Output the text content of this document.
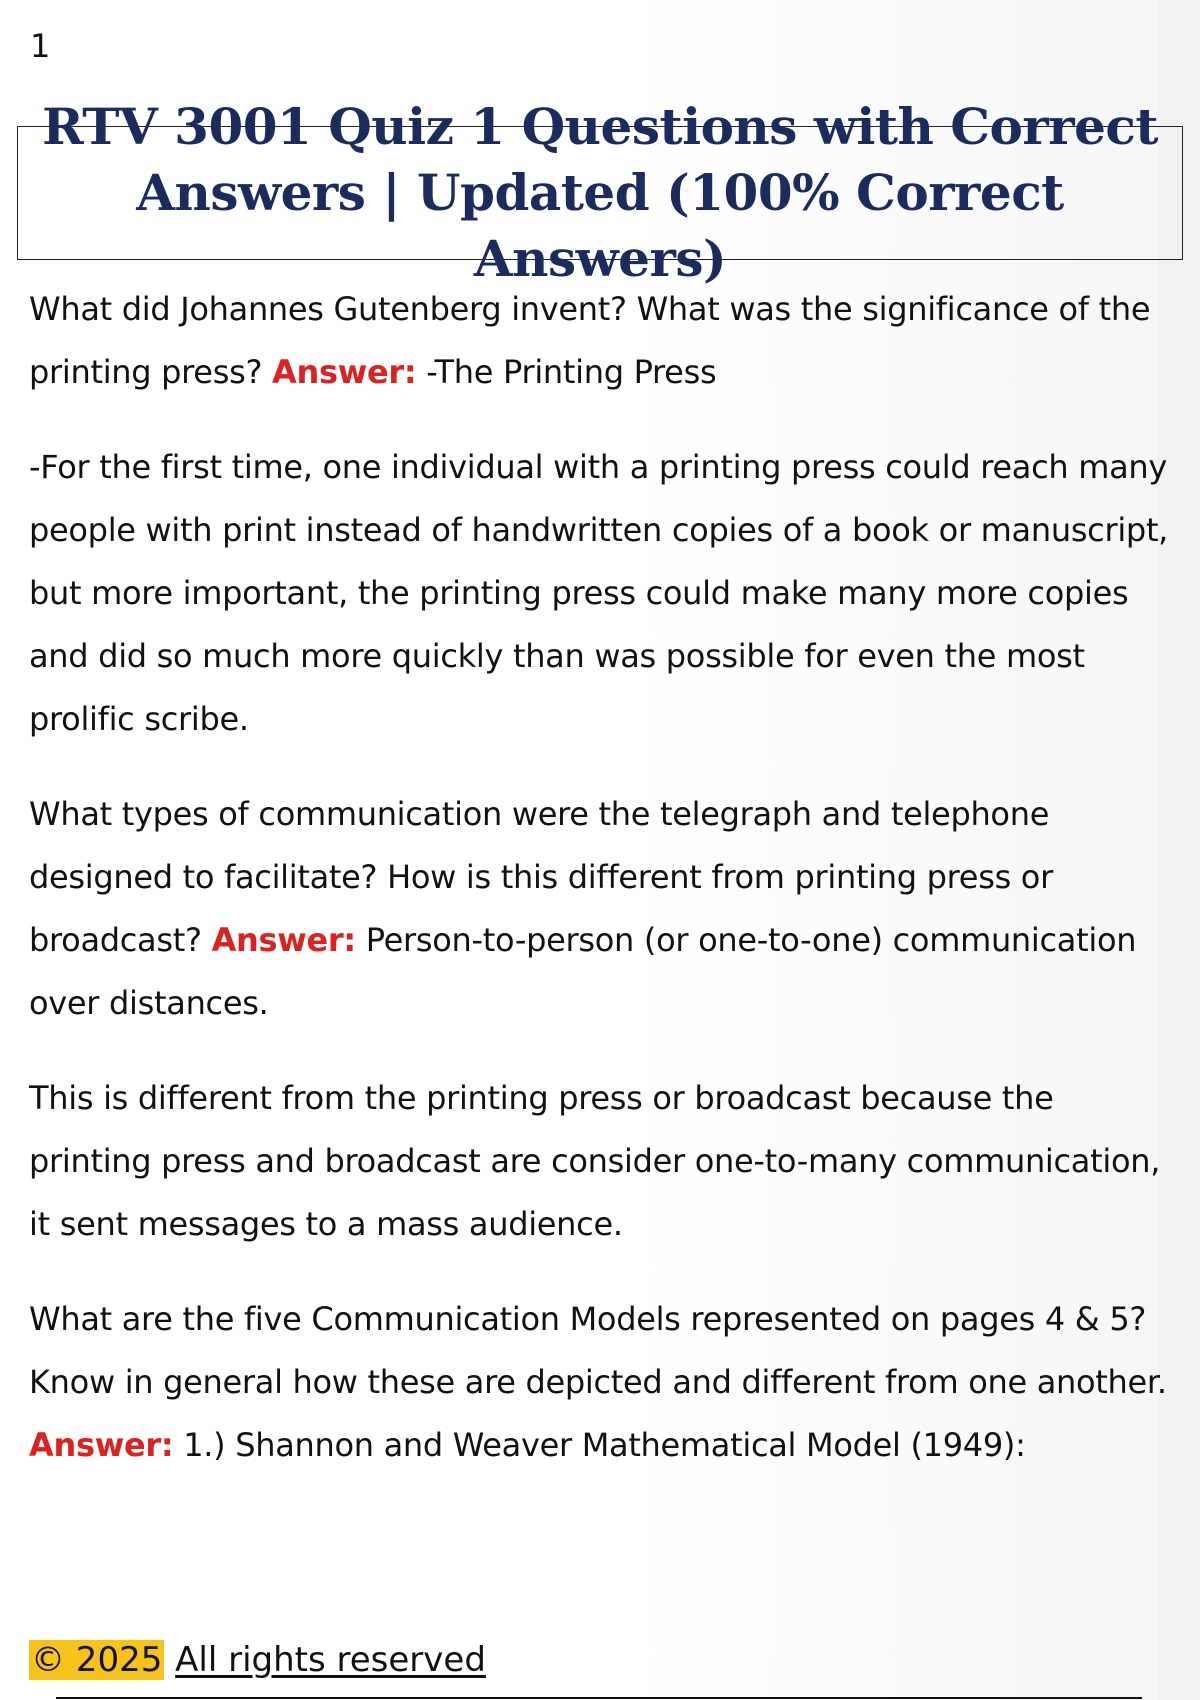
1
RTV 3001 Quiz 1 Questions with Correct
Answers | Updated (100% Correct Answers)

What did Johannes Gutenberg invent? What was the significance of the printing press? Answer: -The Printing Press

-For the first time, one individual with a printing press could reach many people with print instead of handwritten copies of a book or manuscript, but more important, the printing press could make many more copies and did so much more quickly than was possible for even the most prolific scribe.

What types of communication were the telegraph and telephone designed to facilitate? How is this different from printing press or broadcast? Answer: Person-to-person (or one-to-one) communication over distances.

This is different from the printing press or broadcast because the printing press and broadcast are consider one-to-many communication, it sent messages to a mass audience.

What are the five Communication Models represented on pages 4 & 5? Know in general how these are depicted and different from one another. Answer: 1.) Shannon and Weaver Mathematical Model (1949):

© 2025 All rights reserved
